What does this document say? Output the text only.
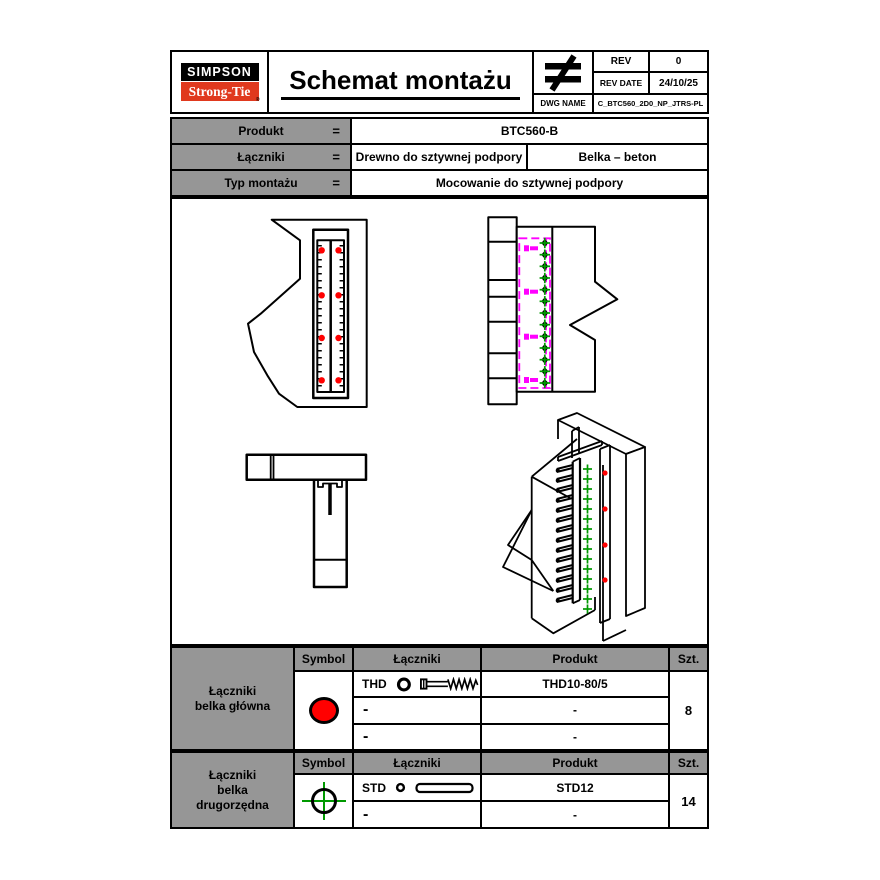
SIMPSON
Strong-Tie
®
Schemat montażu
REV	0
REV DATE	24/10/25
DWG NAME	C_BTC560_2D0_NP_JTRS-PL
Produkt	=	BTC560-B
Łączniki	=	Drewno do sztywnej podpory	Belka – beton
Typ montażu	=	Mocowanie do sztywnej podpory
Łączniki
belka główna
Symbol	Łączniki	Produkt	Szt.
THD	THD10-80/5
-	-
-	-
8
Łączniki
belka
drugorzędna
Symbol	Łączniki	Produkt	Szt.
STD	STD12
-	-
14
